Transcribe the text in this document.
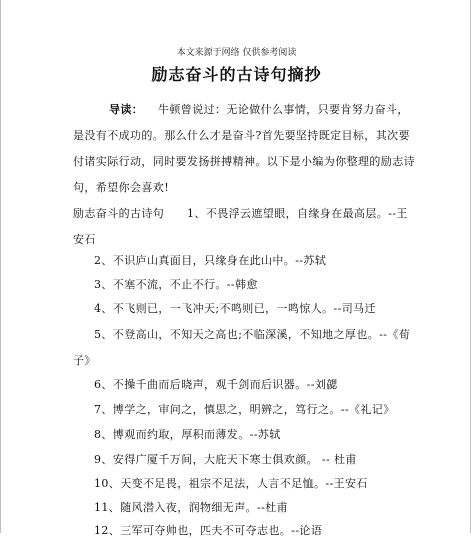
本文来源于网络 仅供参考阅读
励志奋斗的古诗句摘抄
导读： 牛顿曾说过：无论做什么事情，只要肯努力奋斗，
是没有不成功的。那么什么才是奋斗?首先要坚持既定目标，其次要
付诸实际行动，同时要发扬拼搏精神。以下是小编为你整理的励志诗
句，希望你会喜欢!
励志奋斗的古诗句　　1、不畏浮云遮望眼，自缘身在最高层。--王
安石
2、不识庐山真面目，只缘身在此山中。--苏轼
3、不塞不流，不止不行。--韩愈
4、不飞则已，一飞冲天;不鸣则已，一鸣惊人。--司马迁
5、不登高山，不知天之高也;不临深溪，不知地之厚也。--《荀
子》
6、不操千曲而后晓声，观千剑而后识器。--刘勰
7、博学之，审问之，慎思之，明辨之，笃行之。--《礼记》
8、博观而约取，厚积而薄发。--苏轼
9、安得广厦千万间，大庇天下寒士俱欢颜。 -- 杜甫
10、天变不足畏，祖宗不足法，人言不足恤。--王安石
11、随风潜入夜，润物细无声。--杜甫
12、三军可夺帅也，匹夫不可夺志也。--论语
